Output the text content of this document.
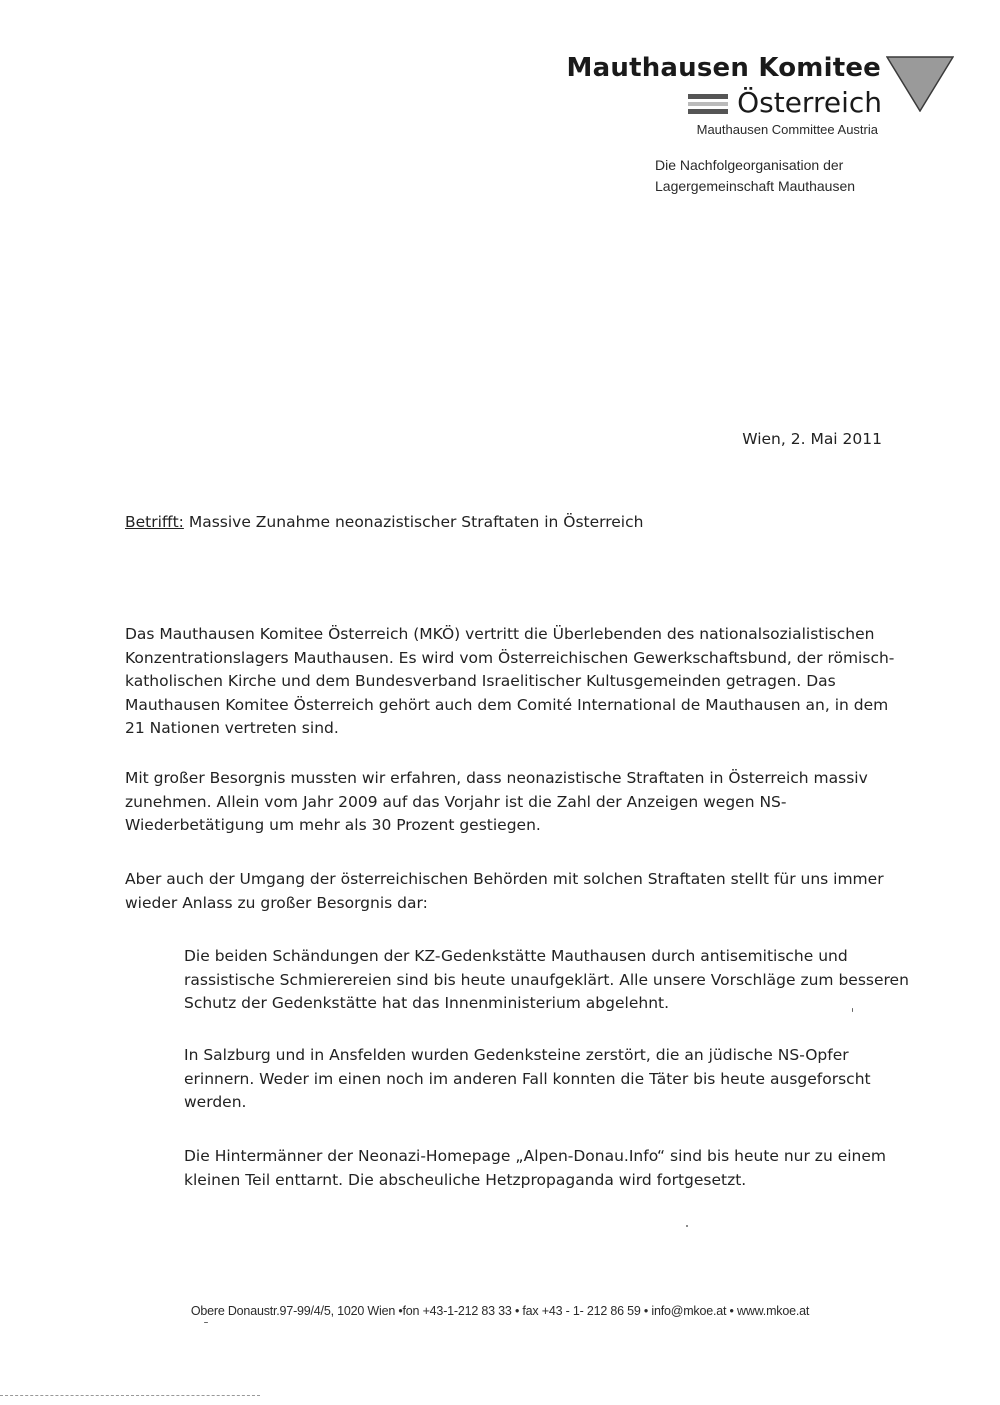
Mauthausen Komitee
Österreich
Mauthausen Committee Austria
Die Nachfolgeorganisation der
Lagergemeinschaft Mauthausen
Wien, 2. Mai 2011
Betrifft: Massive Zunahme neonazistischer Straftaten in Österreich
Das Mauthausen Komitee Österreich (MKÖ) vertritt die Überlebenden des nationalsozialistischen
Konzentrationslagers Mauthausen. Es wird vom Österreichischen Gewerkschaftsbund, der römisch-
katholischen Kirche und dem Bundesverband Israelitischer Kultusgemeinden getragen. Das
Mauthausen Komitee Österreich gehört auch dem Comité International de Mauthausen an, in dem
21 Nationen vertreten sind.
Mit großer Besorgnis mussten wir erfahren, dass neonazistische Straftaten in Österreich massiv
zunehmen. Allein vom Jahr 2009 auf das Vorjahr ist die Zahl der Anzeigen wegen NS-
Wiederbetätigung um mehr als 30 Prozent gestiegen.
Aber auch der Umgang der österreichischen Behörden mit solchen Straftaten stellt für uns immer
wieder Anlass zu großer Besorgnis dar:
Die beiden Schändungen der KZ-Gedenkstätte Mauthausen durch antisemitische und
rassistische Schmierereien sind bis heute unaufgeklärt. Alle unsere Vorschläge zum besseren
Schutz der Gedenkstätte hat das Innenministerium abgelehnt.
In Salzburg und in Ansfelden wurden Gedenksteine zerstört, die an jüdische NS-Opfer
erinnern. Weder im einen noch im anderen Fall konnten die Täter bis heute ausgeforscht
werden.
Die Hintermänner der Neonazi-Homepage „Alpen-Donau.Info“ sind bis heute nur zu einem
kleinen Teil enttarnt. Die abscheuliche Hetzpropaganda wird fortgesetzt.
Obere Donaustr.97-99/4/5, 1020 Wien •fon +43-1-212 83 33 • fax +43 - 1- 212 86 59 • info@mkoe.at • www.mkoe.at
